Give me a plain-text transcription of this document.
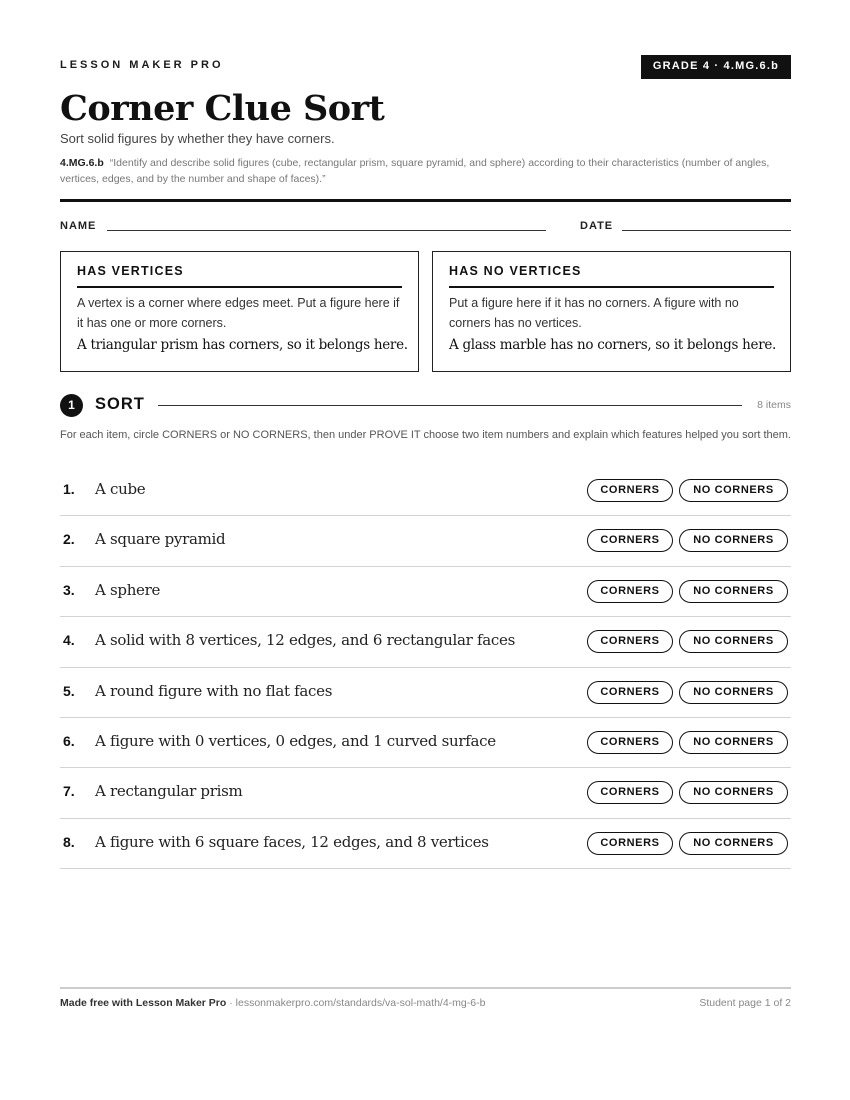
LESSON MAKER PRO	GRADE 4 · 4.MG.6.b
Corner Clue Sort
Sort solid figures by whether they have corners.
4.MG.6.b “Identify and describe solid figures (cube, rectangular prism, square pyramid, and sphere) according to their characteristics (number of angles, vertices, edges, and by the number and shape of faces).”
NAME	DATE
HAS VERTICES
A vertex is a corner where edges meet. Put a figure here if it has one or more corners.
A triangular prism has corners, so it belongs here.
HAS NO VERTICES
Put a figure here if it has no corners. A figure with no corners has no vertices.
A glass marble has no corners, so it belongs here.
1	SORT	8 items
For each item, circle CORNERS or NO CORNERS, then under PROVE IT choose two item numbers and explain which features helped you sort them.
1. A cube	CORNERS	NO CORNERS
2. A square pyramid	CORNERS	NO CORNERS
3. A sphere	CORNERS	NO CORNERS
4. A solid with 8 vertices, 12 edges, and 6 rectangular faces	CORNERS	NO CORNERS
5. A round figure with no flat faces	CORNERS	NO CORNERS
6. A figure with 0 vertices, 0 edges, and 1 curved surface	CORNERS	NO CORNERS
7. A rectangular prism	CORNERS	NO CORNERS
8. A figure with 6 square faces, 12 edges, and 8 vertices	CORNERS	NO CORNERS
Made free with Lesson Maker Pro · lessonmakerpro.com/standards/va-sol-math/4-mg-6-b	Student page 1 of 2
